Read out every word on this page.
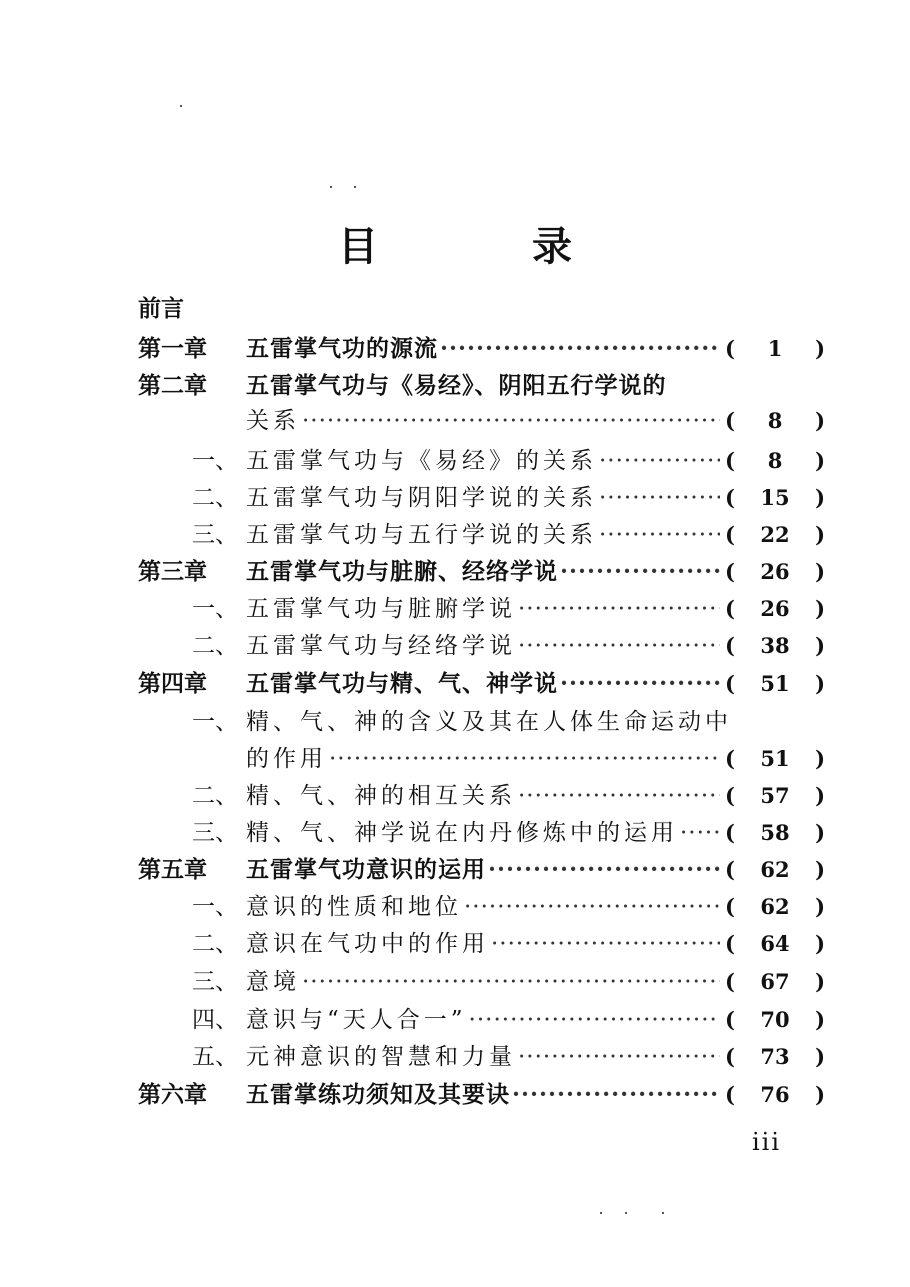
目 录
前言
第一章 五雷掌气功的源流 ·····	(	1	)
第二章 五雷掌气功与《易经》、阴阳五行学说的
关系 ·····	(	8	)
一、 五雷掌气功与《易经》的关系 ·····	(	8	)
二、 五雷掌气功与阴阳学说的关系 ·····	(	15	)
三、 五雷掌气功与五行学说的关系 ·····	(	22	)
第三章 五雷掌气功与脏腑、经络学说 ·····	(	26	)
一、 五雷掌气功与脏腑学说 ·····	(	26	)
二、 五雷掌气功与经络学说 ·····	(	38	)
第四章 五雷掌气功与精、气、神学说 ·····	(	51	)
一、 精、气、神的含义及其在人体生命运动中
的作用 ·····	(	51	)
二、 精、气、神的相互关系 ·····	(	57	)
三、 精、气、神学说在内丹修炼中的运用 ····· (	58	)
第五章 五雷掌气功意识的运用 ·····	(	62	)
一、 意识的性质和地位 ·····	(	62	)
二、 意识在气功中的作用 ·····	(	64	)
三、 意境 ·····	(	67	)
四、 意识与“天人合一” ·····	(	70	)
五、 元神意识的智慧和力量 ·····	(	73	)
第六章 五雷掌练功须知及其要诀 ·····	(	76	)
iii
